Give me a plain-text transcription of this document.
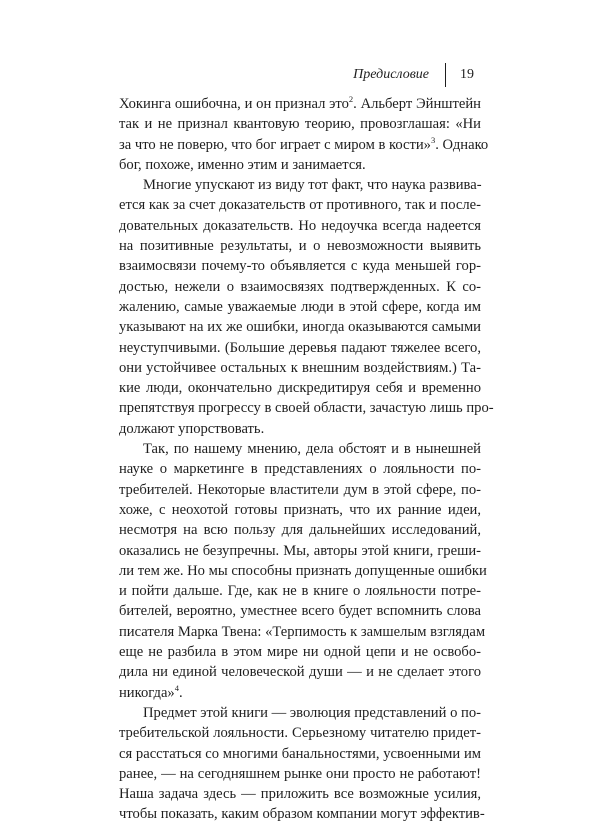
Предисловие	19
Хокинга ошибочна, и он признал это$^2$. Альберт Эйнштейн
так и не признал квантовую теорию, провозглашая: «Ни
за что не поверю, что бог играет с миром в кости»$^3$. Однако
бог, похоже, именно этим и занимается.
Многие упускают из виду тот факт, что наука развива-
ется как за счет доказательств от противного, так и после-
довательных доказательств. Но недоучка всегда надеется
на позитивные результаты, и о невозможности выявить
взаимосвязи почему-то объявляется с куда меньшей гор-
достью, нежели о взаимосвязях подтвержденных. К со-
жалению, самые уважаемые люди в этой сфере, когда им
указывают на их же ошибки, иногда оказываются самыми
неуступчивыми. (Большие деревья падают тяжелее всего,
они устойчивее остальных к внешним воздействиям.) Та-
кие люди, окончательно дискредитируя себя и временно
препятствуя прогрессу в своей области, зачастую лишь про-
должают упорствовать.
Так, по нашему мнению, дела обстоят и в нынешней
науке о маркетинге в представлениях о лояльности по-
требителей. Некоторые властители дум в этой сфере, по-
хоже, с неохотой готовы признать, что их ранние идеи,
несмотря на всю пользу для дальнейших исследований,
оказались не безупречны. Мы, авторы этой книги, греши-
ли тем же. Но мы способны признать допущенные ошибки
и пойти дальше. Где, как не в книге о лояльности потре-
бителей, вероятно, уместнее всего будет вспомнить слова
писателя Марка Твена: «Терпимость к замшелым взглядам
еще не разбила в этом мире ни одной цепи и не освобо-
дила ни единой человеческой души — и не сделает этого
никогда»$^4$.
Предмет этой книги — эволюция представлений о по-
требительской лояльности. Серьезному читателю придет-
ся расстаться со многими банальностями, усвоенными им
ранее, — на сегодняшнем рынке они просто не работают!
Наша задача здесь — приложить все возможные усилия,
чтобы показать, каким образом компании могут эффектив-
